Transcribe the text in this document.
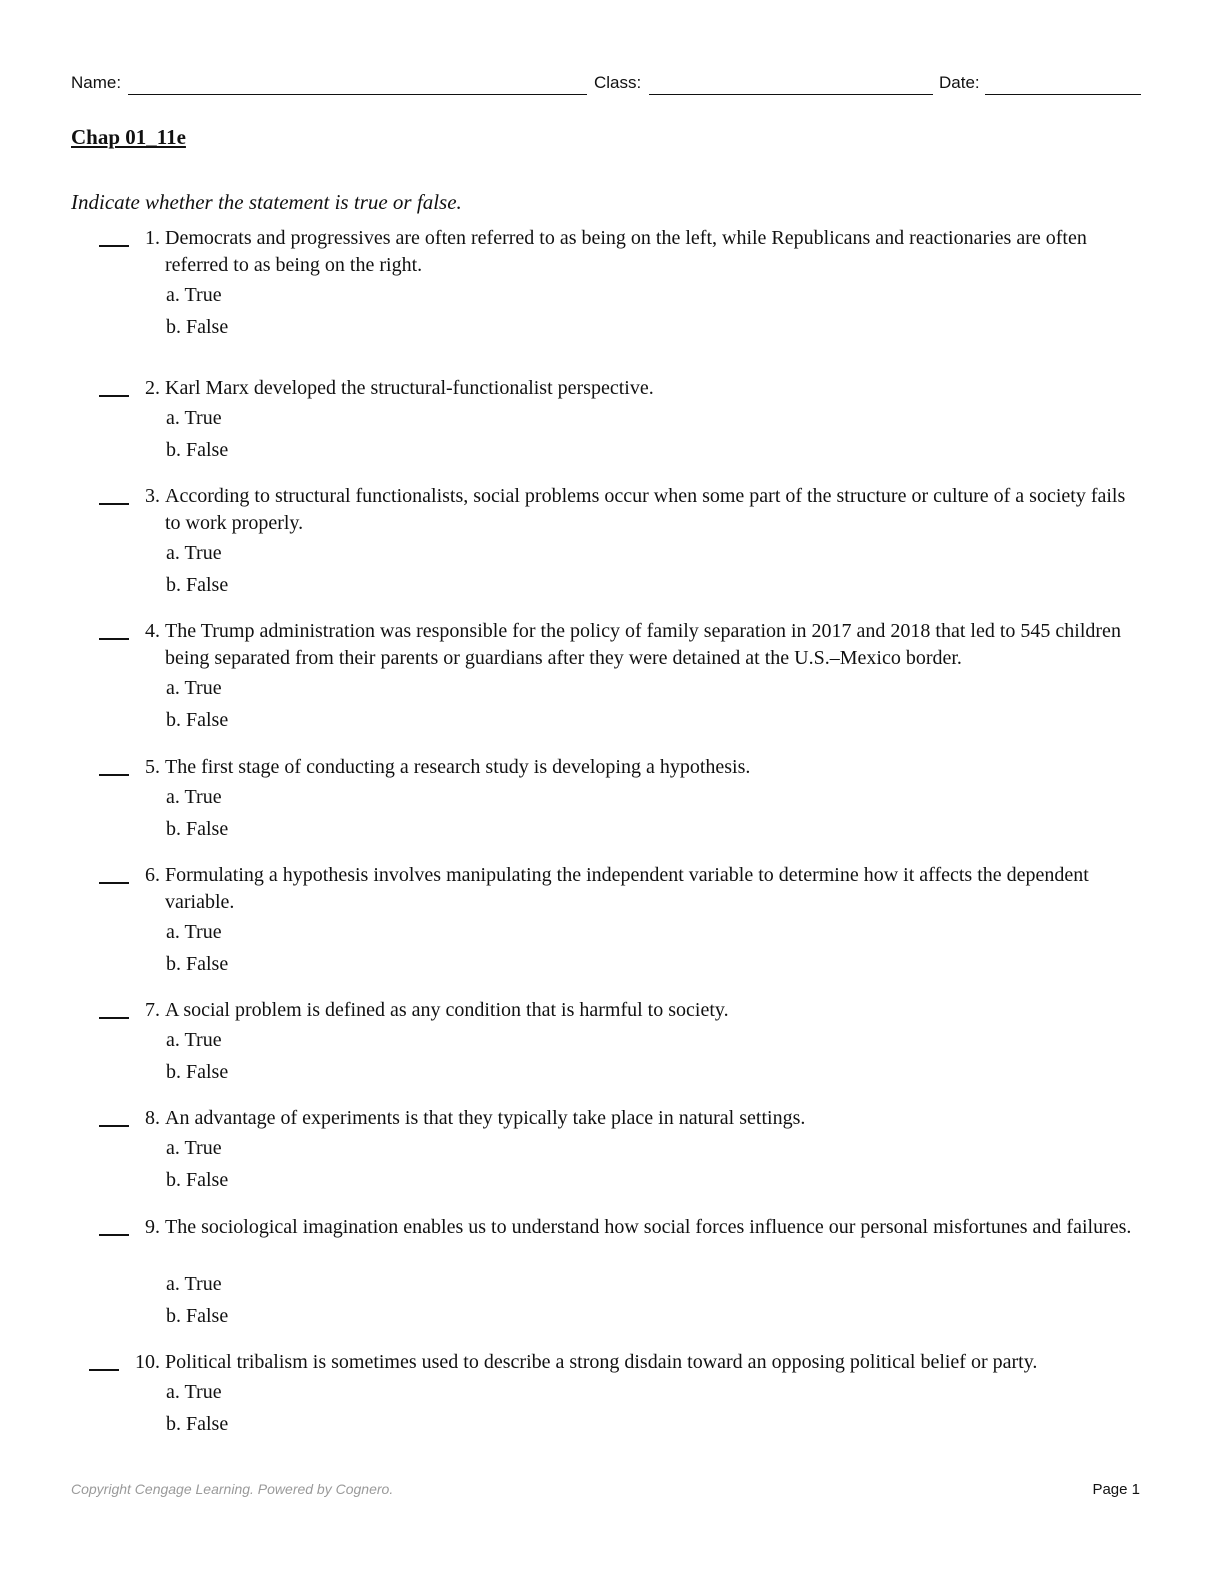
Name:	Class:	Date:
Chap 01_11e
Indicate whether the statement is true or false.
1. Democrats and progressives are often referred to as being on the left, while Republicans and reactionaries are often referred to as being on the right.
a. True
b. False
2. Karl Marx developed the structural-functionalist perspective.
a. True
b. False
3. According to structural functionalists, social problems occur when some part of the structure or culture of a society fails to work properly.
a. True
b. False
4. The Trump administration was responsible for the policy of family separation in 2017 and 2018 that led to 545 children being separated from their parents or guardians after they were detained at the U.S.–Mexico border.
a. True
b. False
5. The first stage of conducting a research study is developing a hypothesis.
a. True
b. False
6. Formulating a hypothesis involves manipulating the independent variable to determine how it affects the dependent variable.
a. True
b. False
7. A social problem is defined as any condition that is harmful to society.
a. True
b. False
8. An advantage of experiments is that they typically take place in natural settings.
a. True
b. False
9. The sociological imagination enables us to understand how social forces influence our personal misfortunes and failures.
a. True
b. False
10. Political tribalism is sometimes used to describe a strong disdain toward an opposing political belief or party.
a. True
b. False
Copyright Cengage Learning. Powered by Cognero.	Page 1
